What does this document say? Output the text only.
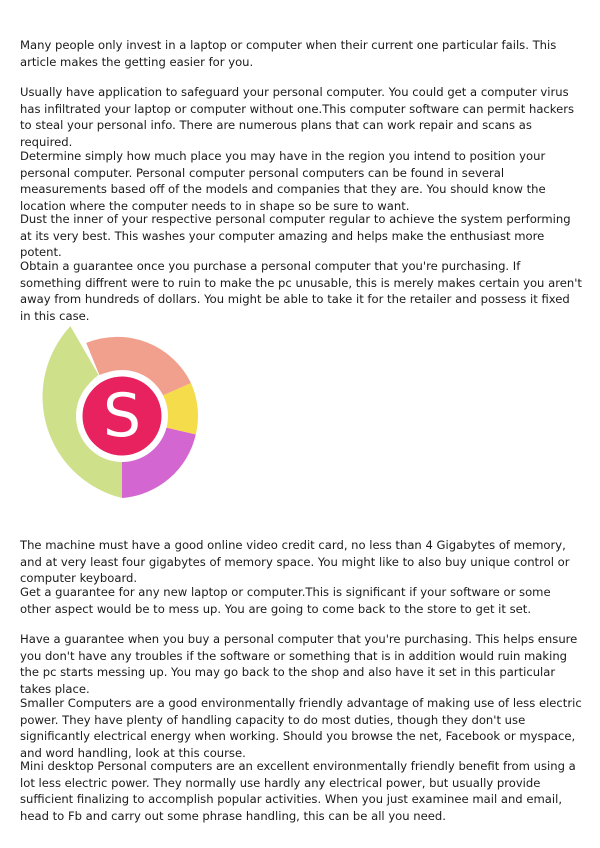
Many people only invest in a laptop or computer when their current one particular fails. This article makes the getting easier for you.

Usually have application to safeguard your personal computer. You could get a computer virus has infiltrated your laptop or computer without one.This computer software can permit hackers to steal your personal info. There are numerous plans that can work repair and scans as required.

Determine simply how much place you may have in the region you intend to position your personal computer. Personal computer personal computers can be found in several measurements based off of the models and companies that they are. You should know the location where the computer needs to in shape so be sure to want.

Dust the inner of your respective personal computer regular to achieve the system performing at its very best. This washes your computer amazing and helps make the enthusiast more potent.

Obtain a guarantee once you purchase a personal computer that you're purchasing. If something diffrent were to ruin to make the pc unusable, this is merely makes certain you aren't away from hundreds of dollars. You might be able to take it for the retailer and possess it fixed in this case.

S

The machine must have a good online video credit card, no less than 4 Gigabytes of memory, and at very least four gigabytes of memory space. You might like to also buy unique control or computer keyboard.

Get a guarantee for any new laptop or computer.This is significant if your software or some other aspect would be to mess up. You are going to come back to the store to get it set.

Have a guarantee when you buy a personal computer that you're purchasing. This helps ensure you don't have any troubles if the software or something that is in addition would ruin making the pc starts messing up. You may go back to the shop and also have it set in this particular takes place.

Smaller Computers are a good environmentally friendly advantage of making use of less electric power. They have plenty of handling capacity to do most duties, though they don't use significantly electrical energy when working. Should you browse the net, Facebook or myspace, and word handling, look at this course.

Mini desktop Personal computers are an excellent environmentally friendly benefit from using a lot less electric power. They normally use hardly any electrical power, but usually provide sufficient finalizing to accomplish popular activities. When you just examinee mail and email, head to Fb and carry out some phrase handling, this can be all you need.
